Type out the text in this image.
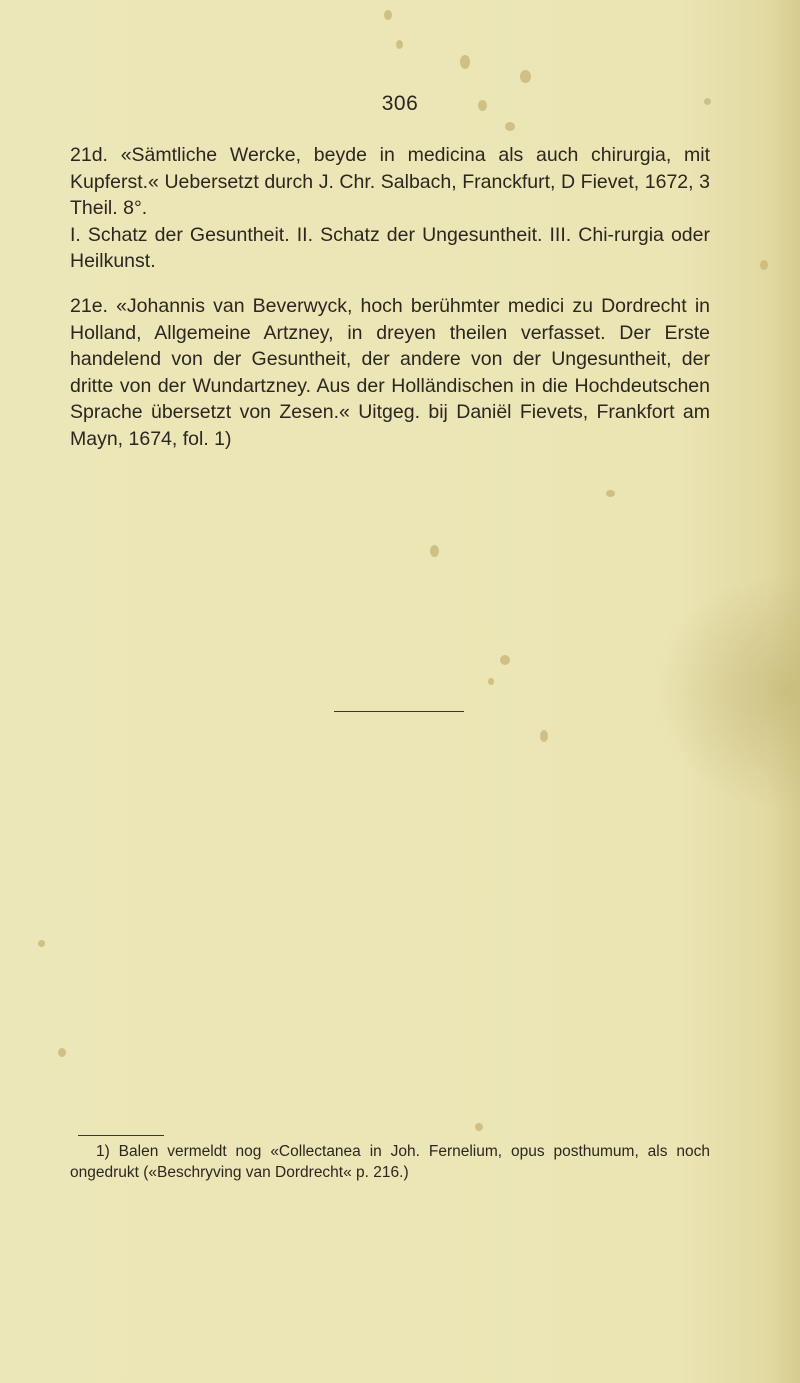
306
21d. «Sämtliche Wercke, beyde in medicina als auch chirurgia, mit Kupferst.« Uebersetzt durch J. Chr. Salbach, Franckfurt, D Fievet, 1672, 3 Theil. 8°.
I. Schatz der Gesuntheit. II. Schatz der Ungesuntheit. III. Chi-rurgia oder Heilkunst.
21e. «Johannis van Beverwyck, hoch berühmter medici zu Dordrecht in Holland, Allgemeine Artzney, in dreyen theilen verfasset. Der Erste handelend von der Gesuntheit, der andere von der Ungesuntheit, der dritte von der Wundartzney. Aus der Holländischen in die Hochdeutschen Sprache übersetzt von Zesen.« Uitgeg. bij Daniël Fievets, Frankfort am Mayn, 1674, fol. 1)
1) Balen vermeldt nog «Collectanea in Joh. Fernelium, opus posthumum, als noch ongedrukt («Beschryving van Dordrecht« p. 216.)
